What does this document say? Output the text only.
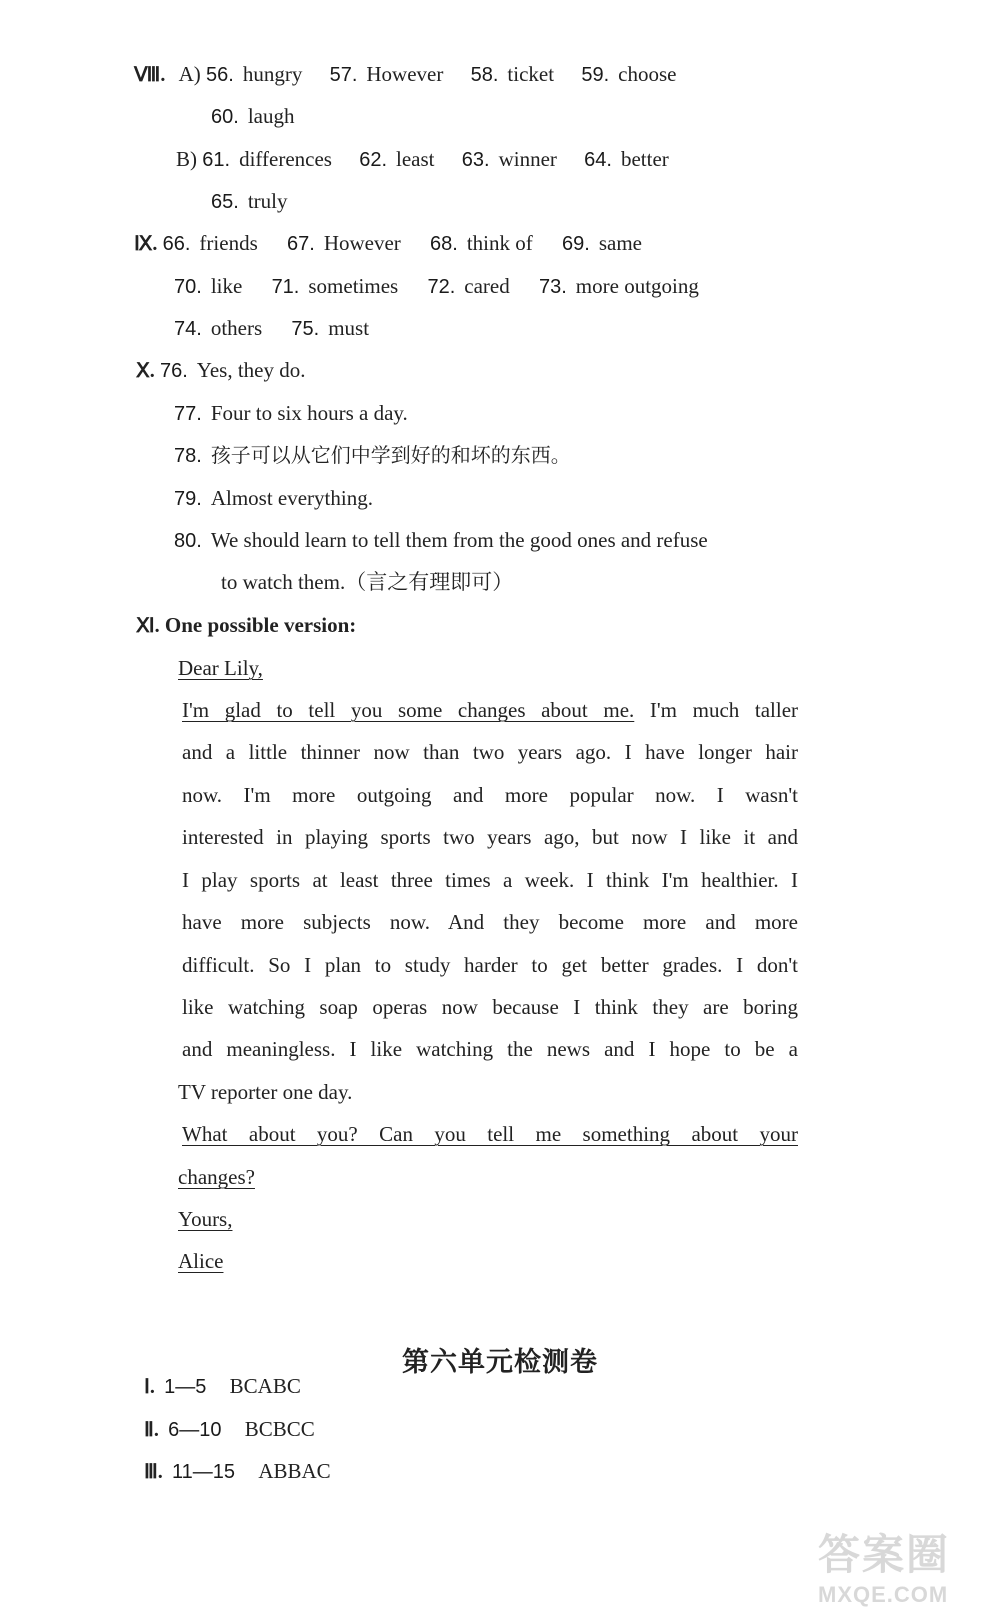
Ⅷ. A) 56. hungry 57. However 58. ticket 59. choose
60. laugh
B) 61. differences 62. least 63. winner 64. better
65. truly
Ⅸ. 66. friends 67. However 68. think of 69. same
70. like 71. sometimes 72. cared 73. more outgoing
74. others 75. must
Ⅹ. 76. Yes, they do.
77. Four to six hours a day.
78. 孩子可以从它们中学到好的和坏的东西。
79. Almost everything.
80. We should learn to tell them from the good ones and refuse
to watch them.（言之有理即可）
Ⅺ. One possible version:
Dear Lily,
I'm glad to tell you some changes about me. I'm much taller
and a little thinner now than two years ago. I have longer hair
now. I'm more outgoing and more popular now. I wasn't
interested in playing sports two years ago, but now I like it and
I play sports at least three times a week. I think I'm healthier. I
have more subjects now. And they become more and more
difficult. So I plan to study harder to get better grades. I don't
like watching soap operas now because I think they are boring
and meaningless. I like watching the news and I hope to be a
TV reporter one day.
What about you? Can you tell me something about your
changes?
Yours,
Alice
第六单元检测卷
Ⅰ. 1—5 BCABC
Ⅱ. 6—10 BCBCC
Ⅲ. 11—15 ABBAC
答案圈
MXQE.COM
